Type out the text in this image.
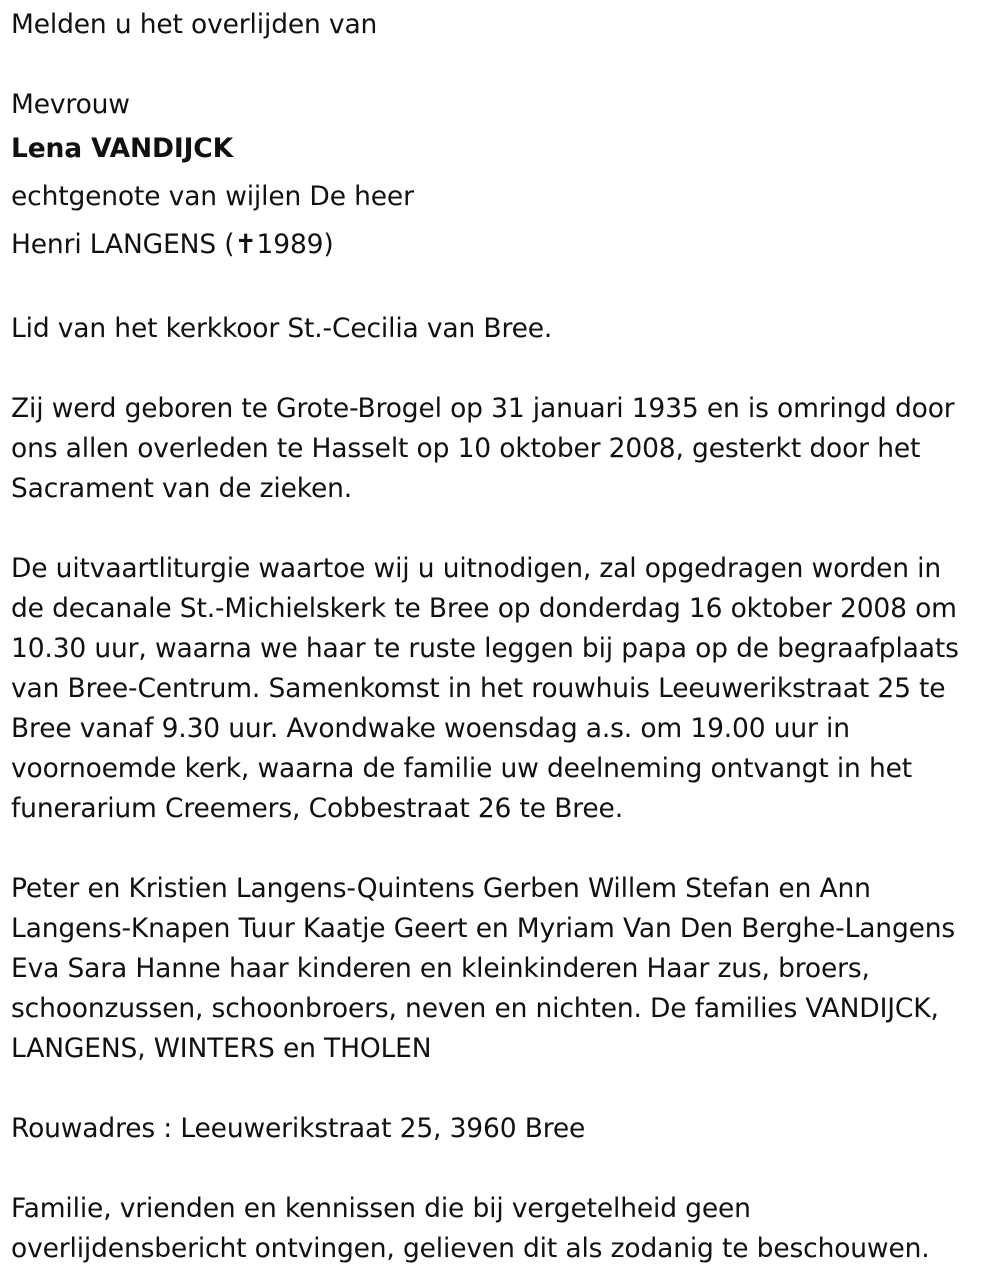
Melden u het overlijden van
Mevrouw
Lena VANDIJCK
echtgenote van wijlen De heer
Henri LANGENS (✝1989)
Lid van het kerkkoor St.-Cecilia van Bree.
Zij werd geboren te Grote-Brogel op 31 januari 1935 en is omringd door
ons allen overleden te Hasselt op 10 oktober 2008, gesterkt door het
Sacrament van de zieken.
De uitvaartliturgie waartoe wij u uitnodigen, zal opgedragen worden in
de decanale St.-Michielskerk te Bree op donderdag 16 oktober 2008 om
10.30 uur, waarna we haar te ruste leggen bij papa op de begraafplaats
van Bree-Centrum. Samenkomst in het rouwhuis Leeuwerikstraat 25 te
Bree vanaf 9.30 uur. Avondwake woensdag a.s. om 19.00 uur in
voornoemde kerk, waarna de familie uw deelneming ontvangt in het
funerarium Creemers, Cobbestraat 26 te Bree.
Peter en Kristien Langens-Quintens Gerben Willem Stefan en Ann
Langens-Knapen Tuur Kaatje Geert en Myriam Van Den Berghe-Langens
Eva Sara Hanne haar kinderen en kleinkinderen Haar zus, broers,
schoonzussen, schoonbroers, neven en nichten. De families VANDIJCK,
LANGENS, WINTERS en THOLEN
Rouwadres : Leeuwerikstraat 25, 3960 Bree
Familie, vrienden en kennissen die bij vergetelheid geen
overlijdensbericht ontvingen, gelieven dit als zodanig te beschouwen.
